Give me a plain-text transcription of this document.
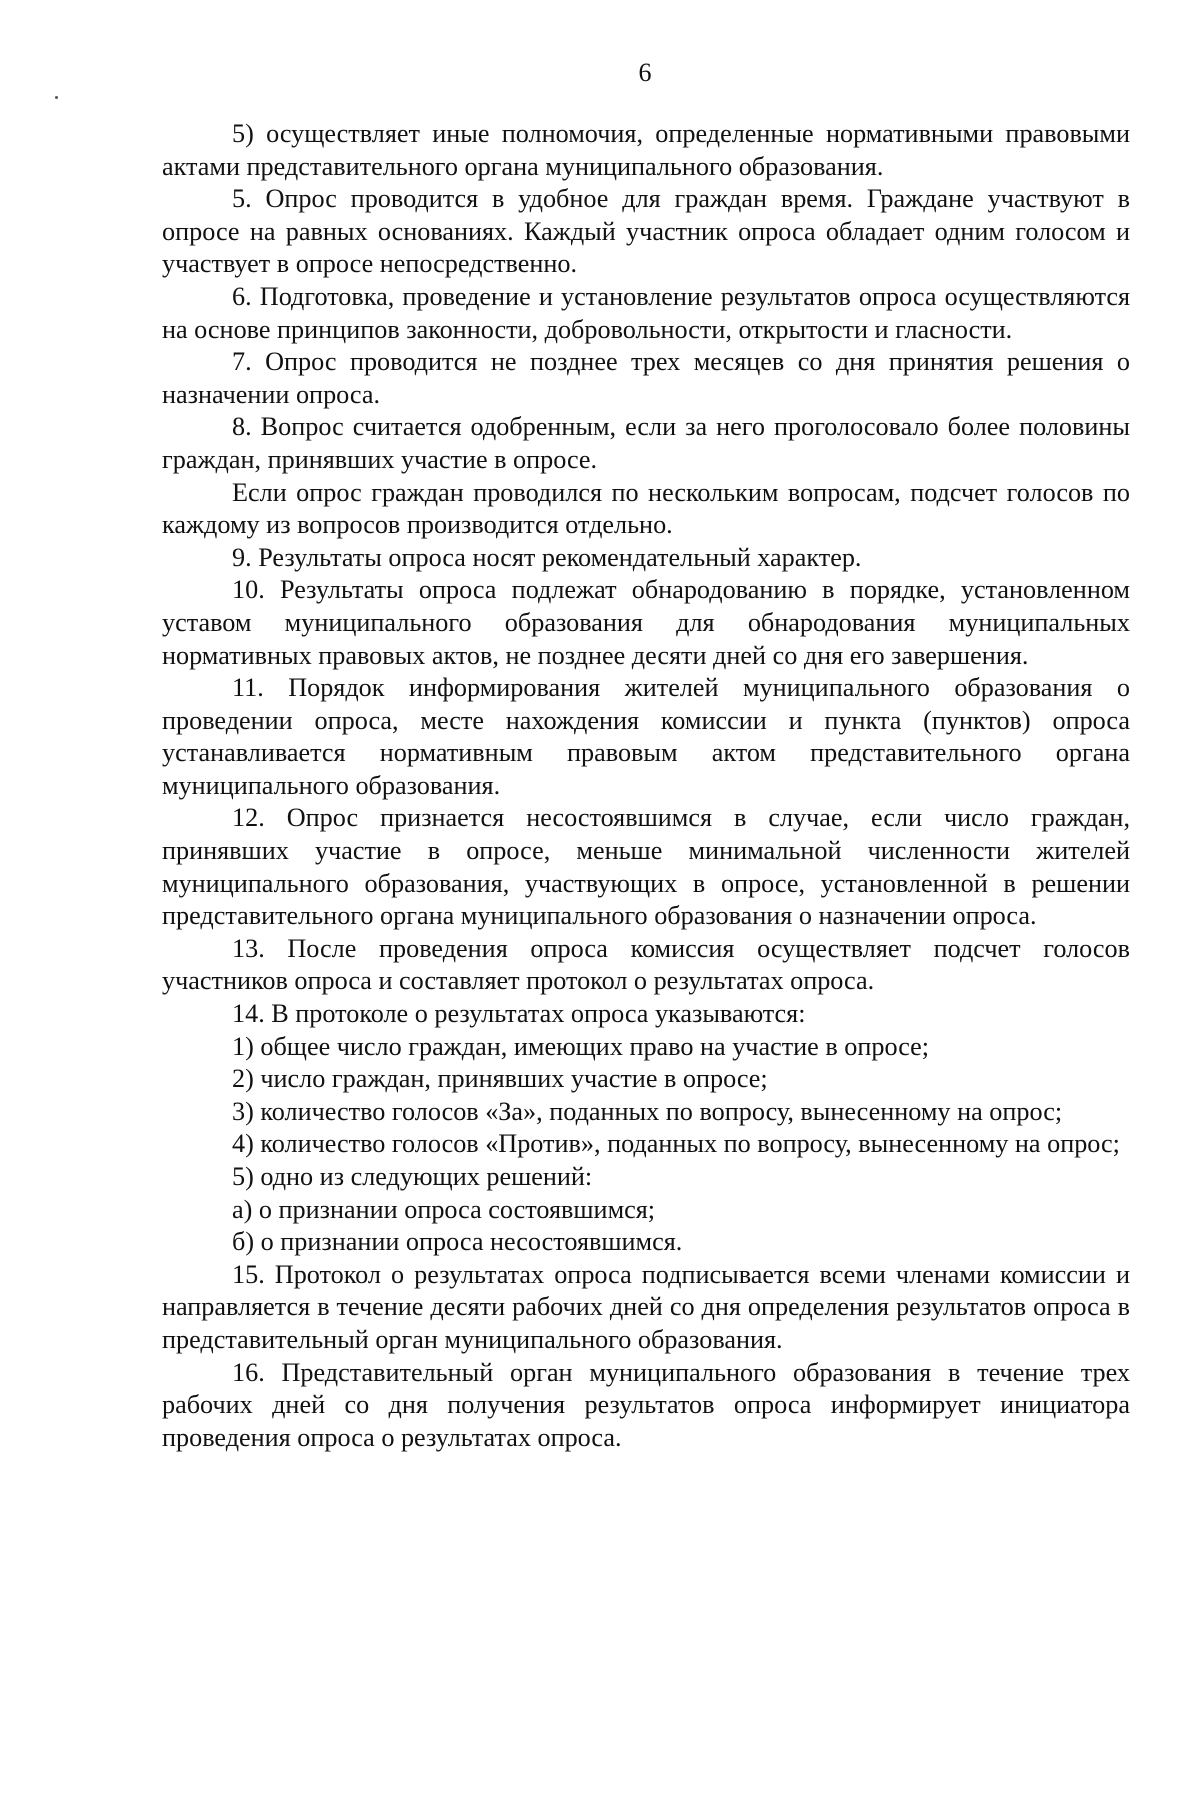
6

5) осуществляет иные полномочия, определенные нормативными правовыми актами представительного органа муниципального образования.

5. Опрос проводится в удобное для граждан время. Граждане участвуют в опросе на равных основаниях. Каждый участник опроса обладает одним голосом и участвует в опросе непосредственно.

6. Подготовка, проведение и установление результатов опроса осуществляются на основе принципов законности, добровольности, открытости и гласности.

7. Опрос проводится не позднее трех месяцев со дня принятия решения о назначении опроса.

8. Вопрос считается одобренным, если за него проголосовало более половины граждан, принявших участие в опросе.

Если опрос граждан проводился по нескольким вопросам, подсчет голосов по каждому из вопросов производится отдельно.

9. Результаты опроса носят рекомендательный характер.

10. Результаты опроса подлежат обнародованию в порядке, установленном уставом муниципального образования для обнародования муниципальных нормативных правовых актов, не позднее десяти дней со дня его завершения.

11. Порядок информирования жителей муниципального образования о проведении опроса, месте нахождения комиссии и пункта (пунктов) опроса устанавливается нормативным правовым актом представительного органа муниципального образования.

12. Опрос признается несостоявшимся в случае, если число граждан, принявших участие в опросе, меньше минимальной численности жителей муниципального образования, участвующих в опросе, установленной в решении представительного органа муниципального образования о назначении опроса.

13. После проведения опроса комиссия осуществляет подсчет голосов участников опроса и составляет протокол о результатах опроса.

14. В протоколе о результатах опроса указываются:

1) общее число граждан, имеющих право на участие в опросе;

2) число граждан, принявших участие в опросе;

3) количество голосов «За», поданных по вопросу, вынесенному на опрос;

4) количество голосов «Против», поданных по вопросу, вынесенному на опрос;

5) одно из следующих решений:

а) о признании опроса состоявшимся;

б) о признании опроса несостоявшимся.

15. Протокол о результатах опроса подписывается всеми членами комиссии и направляется в течение десяти рабочих дней со дня определения результатов опроса в представительный орган муниципального образования.

16. Представительный орган муниципального образования в течение трех рабочих дней со дня получения результатов опроса информирует инициатора проведения опроса о результатах опроса.
